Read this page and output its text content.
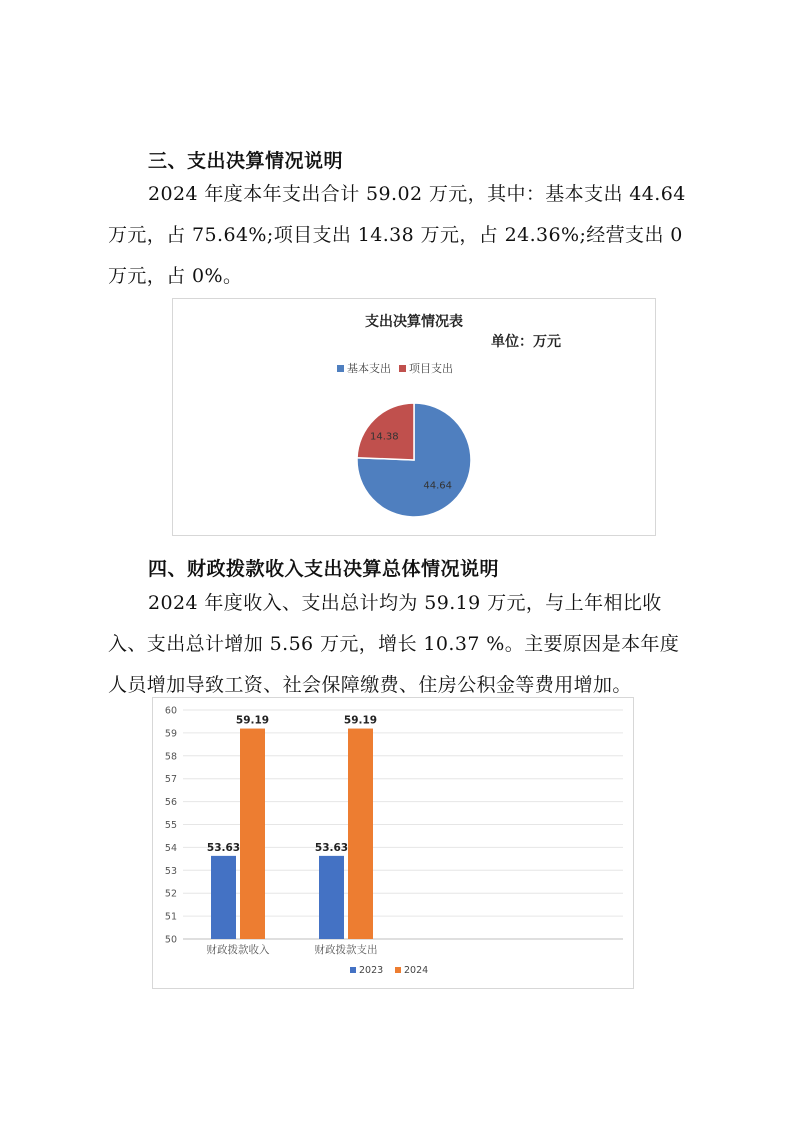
三、支出决算情况说明
2024 年度本年支出合计 59.02 万元，其中：基本支出 44.64 万元，占 75.64%;项目支出 14.38 万元，占 24.36%;经营支出 0 万元，占 0%。
支出决算情况表
单位：万元
基本支出 项目支出
44.64
14.38
四、财政拨款收入支出决算总体情况说明
2024 年度收入、支出总计均为 59.19 万元，与上年相比收入、支出总计增加 5.56 万元，增长 10.37 %。主要原因是本年度人员增加导致工资、社会保障缴费、住房公积金等费用增加。
50
51
52
53
54
55
56
57
58
59
60
53.63
59.19
财政拨款收入
53.63
59.19
财政拨款支出
2023 2024
